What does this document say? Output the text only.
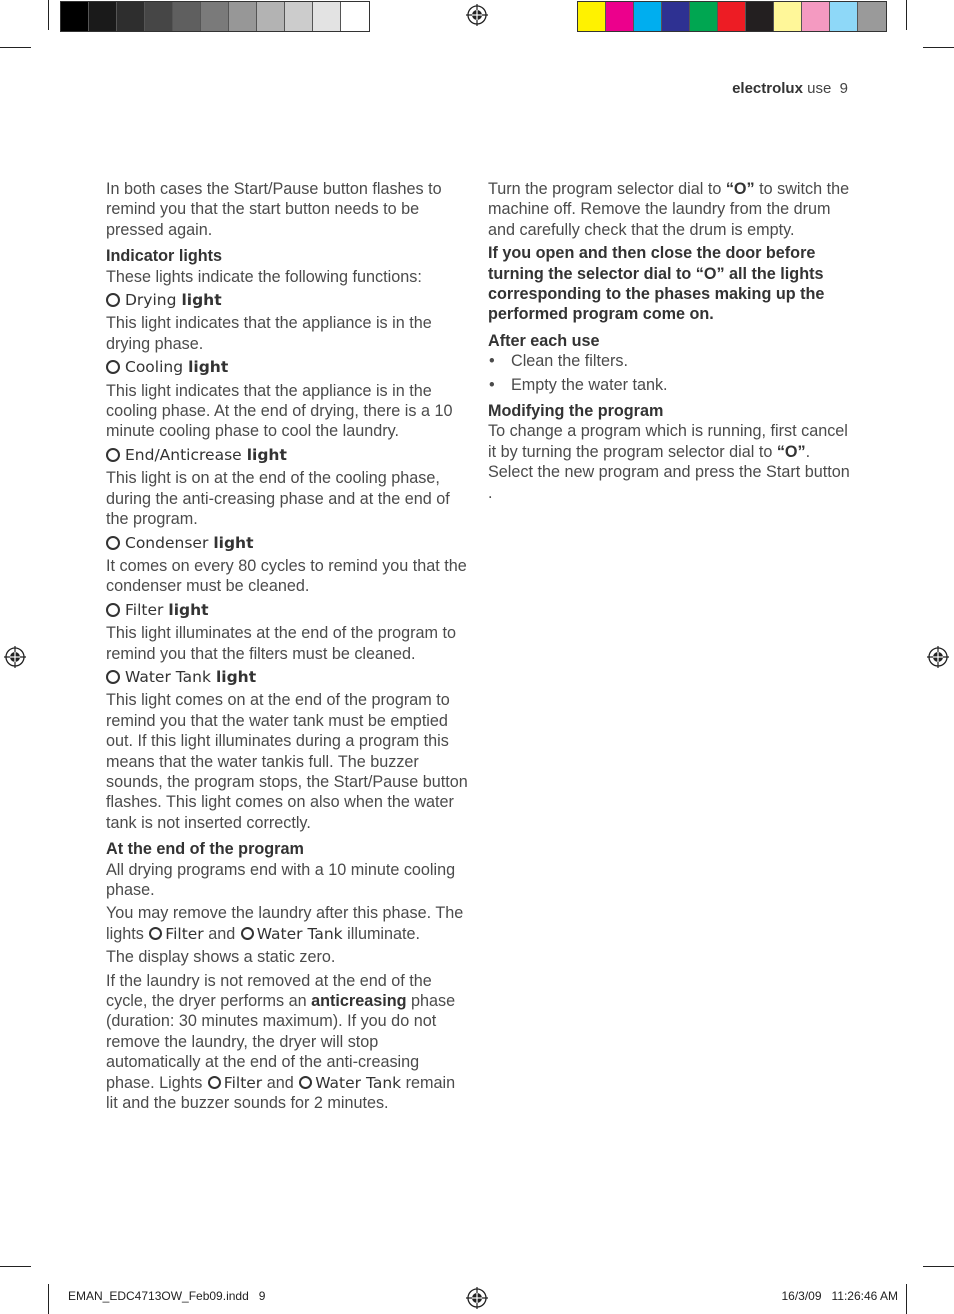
electrolux use 9

In both cases the Start/Pause button flashes to remind you that the start button needs to be pressed again.

Indicator lights

These lights indicate the following functions:

Drying light

This light indicates that the appliance is in the drying phase.

Cooling light

This light indicates that the appliance is in the cooling phase. At the end of drying, there is a 10 minute cooling phase to cool the laundry.

End/Anticrease light

This light is on at the end of the cooling phase, during the anti-creasing phase and at the end of the program.

Condenser light

It comes on every 80 cycles to remind you that the condenser must be cleaned.

Filter light

This light illuminates at the end of the program to remind you that the filters must be cleaned.

Water Tank light

This light comes on at the end of the program to remind you that the water tank must be emptied out. If this light illuminates during a program this means that the water tankis full. The buzzer sounds, the program stops, the Start/Pause button flashes. This light comes on also when the water tank is not inserted correctly.

At the end of the program

All drying programs end with a 10 minute cooling phase.

You may remove the laundry after this phase. The lights Filter and Water Tank illuminate.

The display shows a static zero.

If the laundry is not removed at the end of the cycle, the dryer performs an anticreasing phase (duration: 30 minutes maximum). If you do not remove the laundry, the dryer will stop automatically at the end of the anti-creasing phase. Lights Filter and Water Tank remain lit and the buzzer sounds for 2 minutes.

Turn the program selector dial to “O” to switch the machine off. Remove the laundry from the drum and carefully check that the drum is empty.

If you open and then close the door before turning the selector dial to “O” all the lights corresponding to the phases making up the performed program come on.

After each use

• Clean the filters.
• Empty the water tank.

Modifying the program

To change a program which is running, first cancel it by turning the program selector dial to “O”. Select the new program and press the Start button .

EMAN_EDC4713OW_Feb09.indd   9	16/3/09   11:26:46 AM
